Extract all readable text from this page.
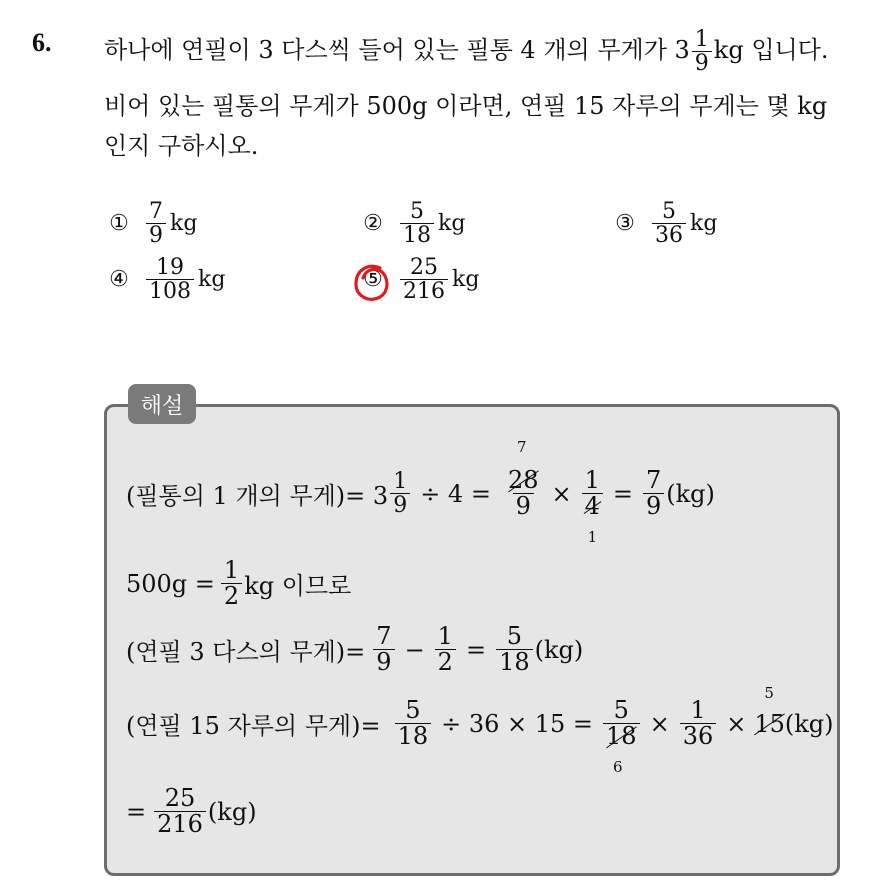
6. 하나에 연필이 3 다스씩 들어 있는 필통 4 개의 무게가 $3 \frac{1}{9}$ kg 입니다.
비어 있는 필통의 무게가 500g 이라면, 연필 15 자루의 무게는 몇 kg
인지 구하시오.
① $\frac{7}{9}$ kg	② $\frac{5}{18}$ kg	③ $\frac{5}{36}$ kg
④ $\frac{19}{108}$ kg	⑤ $\frac{25}{216}$ kg
해설
(필통의 1 개의 무게)= $3 \frac{1}{9} \div 4$ =
7
28
9 × 1
4
1
= $\frac{7}{9} (kg)$
$500g = \frac{1}{2}$ kg 이므로
(연필 3 다스의 무게)= $\frac{7}{9} - \frac{1}{2} = \frac{5}{18} (kg)$
(연필 15 자루의 무게)= $\frac{5}{18} \div 36 \times 15 = 5$
18
6
× $\frac{1}{36}$ ×
5
15 (kg)
= $\frac{25}{216} (kg)$
